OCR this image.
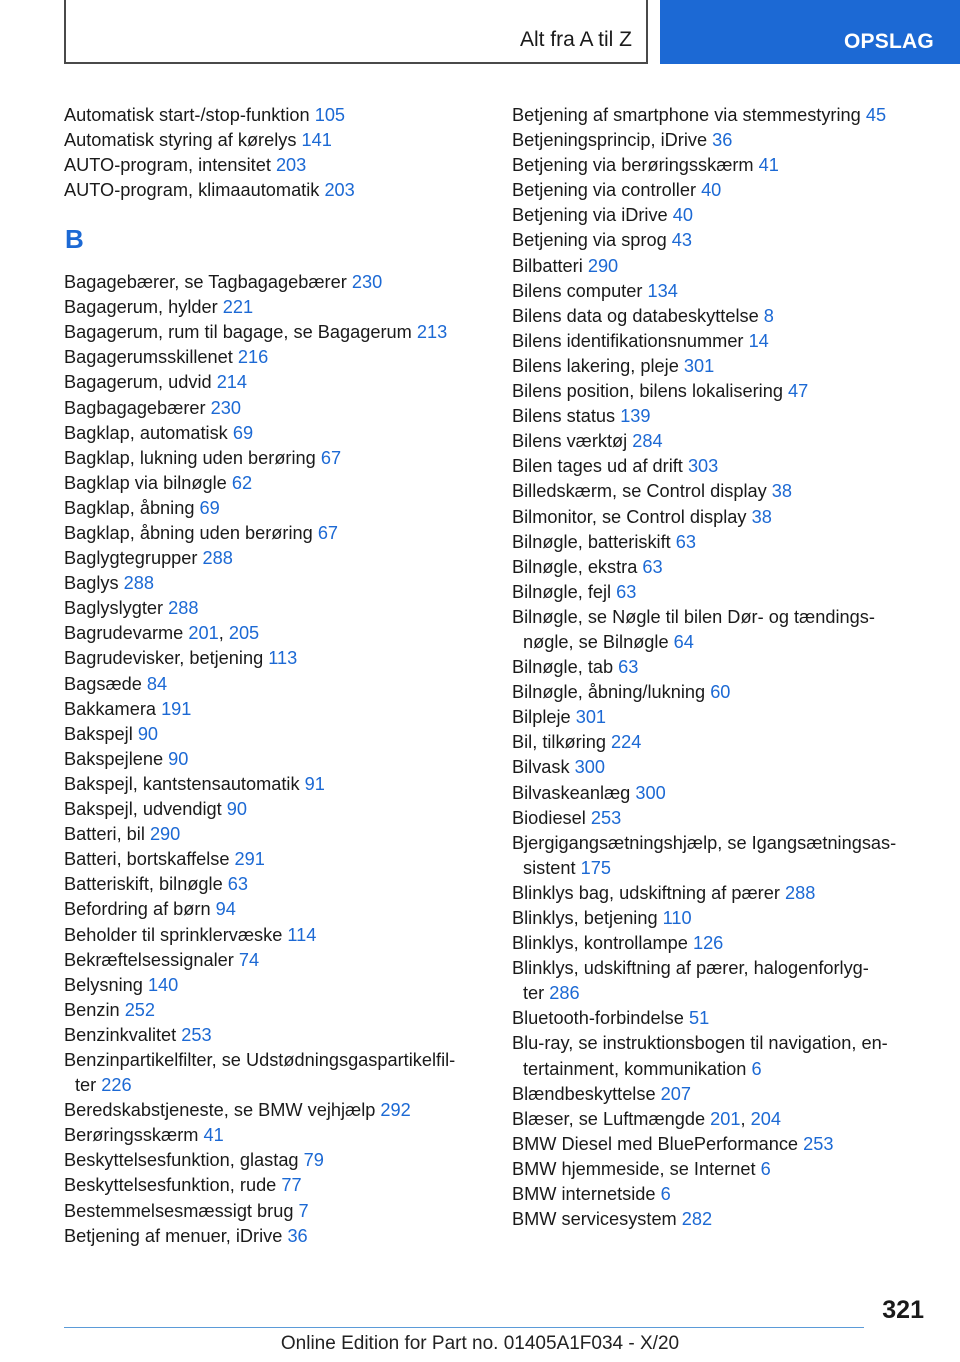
Alt fra A til Z	OPSLAG
Automatisk start-/stop-funktion 105
Automatisk styring af kørelys 141
AUTO-program, intensitet 203
AUTO-program, klimaautomatik 203
B
Bagagebærer, se Tagbagagebærer 230
Bagagerum, hylder 221
Bagagerum, rum til bagage, se Bagagerum 213
Bagagerumsskillenet 216
Bagagerum, udvid 214
Bagbagagebærer 230
Bagklap, automatisk 69
Bagklap, lukning uden berøring 67
Bagklap via bilnøgle 62
Bagklap, åbning 69
Bagklap, åbning uden berøring 67
Baglygtegrupper 288
Baglys 288
Baglyslygter 288
Bagrudevarme 201, 205
Bagrudevisker, betjening 113
Bagsæde 84
Bakkamera 191
Bakspejl 90
Bakspejlene 90
Bakspejl, kantstensautomatik 91
Bakspejl, udvendigt 90
Batteri, bil 290
Batteri, bortskaffelse 291
Batteriskift, bilnøgle 63
Befordring af børn 94
Beholder til sprinklervæske 114
Bekræftelsessignaler 74
Belysning 140
Benzin 252
Benzinkvalitet 253
Benzinpartikelfilter, se Udstødningsgaspartikelfil-
ter 226
Beredskabstjeneste, se BMW vejhjælp 292
Berøringsskærm 41
Beskyttelsesfunktion, glastag 79
Beskyttelsesfunktion, rude 77
Bestemmelsesmæssigt brug 7
Betjening af menuer, iDrive 36
Betjening af smartphone via stemmestyring 45
Betjeningsprincip, iDrive 36
Betjening via berøringsskærm 41
Betjening via controller 40
Betjening via iDrive 40
Betjening via sprog 43
Bilbatteri 290
Bilens computer 134
Bilens data og databeskyttelse 8
Bilens identifikationsnummer 14
Bilens lakering, pleje 301
Bilens position, bilens lokalisering 47
Bilens status 139
Bilens værktøj 284
Bilen tages ud af drift 303
Billedskærm, se Control display 38
Bilmonitor, se Control display 38
Bilnøgle, batteriskift 63
Bilnøgle, ekstra 63
Bilnøgle, fejl 63
Bilnøgle, se Nøgle til bilen Dør- og tændings-
nøgle, se Bilnøgle 64
Bilnøgle, tab 63
Bilnøgle, åbning/lukning 60
Bilpleje 301
Bil, tilkøring 224
Bilvask 300
Bilvaskeanlæg 300
Biodiesel 253
Bjergigangsætningshjælp, se Igangsætningsas-
sistent 175
Blinklys bag, udskiftning af pærer 288
Blinklys, betjening 110
Blinklys, kontrollampe 126
Blinklys, udskiftning af pærer, halogenforlyg-
ter 286
Bluetooth-forbindelse 51
Blu-ray, se instruktionsbogen til navigation, en-
tertainment, kommunikation 6
Blændbeskyttelse 207
Blæser, se Luftmængde 201, 204
BMW Diesel med BluePerformance 253
BMW hjemmeside, se Internet 6
BMW internetside 6
BMW servicesystem 282
321
Online Edition for Part no. 01405A1F034 - X/20
